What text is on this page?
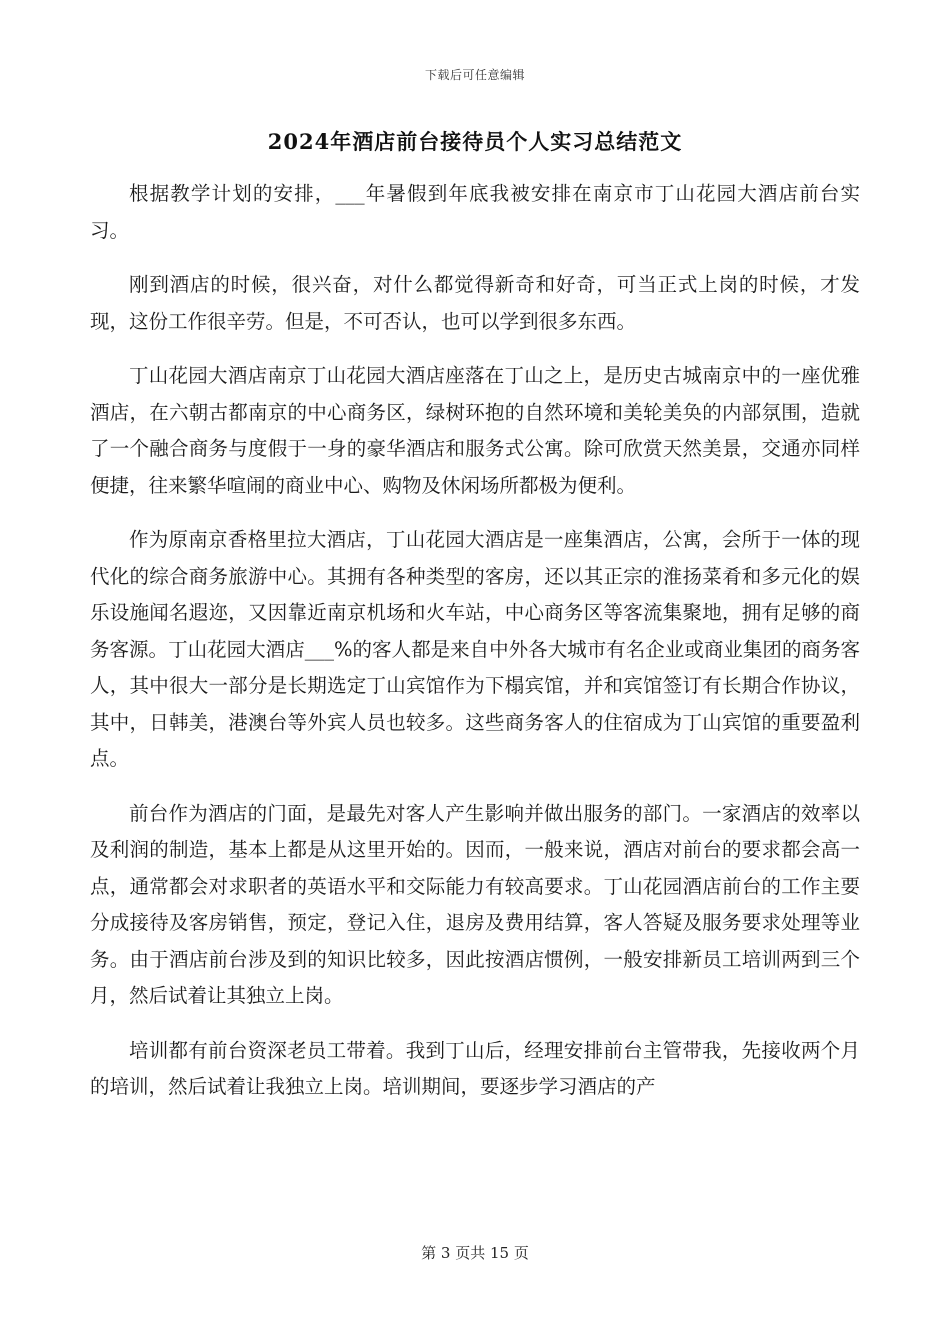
下载后可任意编辑
2024年酒店前台接待员个人实习总结范文

根据教学计划的安排，___年暑假到年底我被安排在南京市丁山花园大酒店前台实习。

刚到酒店的时候，很兴奋，对什么都觉得新奇和好奇，可当正式上岗的时候，才发现，这份工作很辛劳。但是，不可否认，也可以学到很多东西。

丁山花园大酒店南京丁山花园大酒店座落在丁山之上，是历史古城南京中的一座优雅酒店，在六朝古都南京的中心商务区，绿树环抱的自然环境和美轮美奂的内部氛围，造就了一个融合商务与度假于一身的豪华酒店和服务式公寓。除可欣赏天然美景，交通亦同样便捷，往来繁华喧闹的商业中心、购物及休闲场所都极为便利。

作为原南京香格里拉大酒店，丁山花园大酒店是一座集酒店，公寓，会所于一体的现代化的综合商务旅游中心。其拥有各种类型的客房，还以其正宗的淮扬菜肴和多元化的娱乐设施闻名遐迩，又因靠近南京机场和火车站，中心商务区等客流集聚地，拥有足够的商务客源。丁山花园大酒店___%的客人都是来自中外各大城市有名企业或商业集团的商务客人，其中很大一部分是长期选定丁山宾馆作为下榻宾馆，并和宾馆签订有长期合作协议，其中，日韩美，港澳台等外宾人员也较多。这些商务客人的住宿成为丁山宾馆的重要盈利点。

前台作为酒店的门面，是最先对客人产生影响并做出服务的部门。一家酒店的效率以及利润的制造，基本上都是从这里开始的。因而，一般来说，酒店对前台的要求都会高一点，通常都会对求职者的英语水平和交际能力有较高要求。丁山花园酒店前台的工作主要分成接待及客房销售，预定，登记入住，退房及费用结算，客人答疑及服务要求处理等业务。由于酒店前台涉及到的知识比较多，因此按酒店惯例，一般安排新员工培训两到三个月，然后试着让其独立上岗。

培训都有前台资深老员工带着。我到丁山后，经理安排前台主管带我，先接收两个月的培训，然后试着让我独立上岗。培训期间，要逐步学习酒店的产

第 3 页共 15 页
